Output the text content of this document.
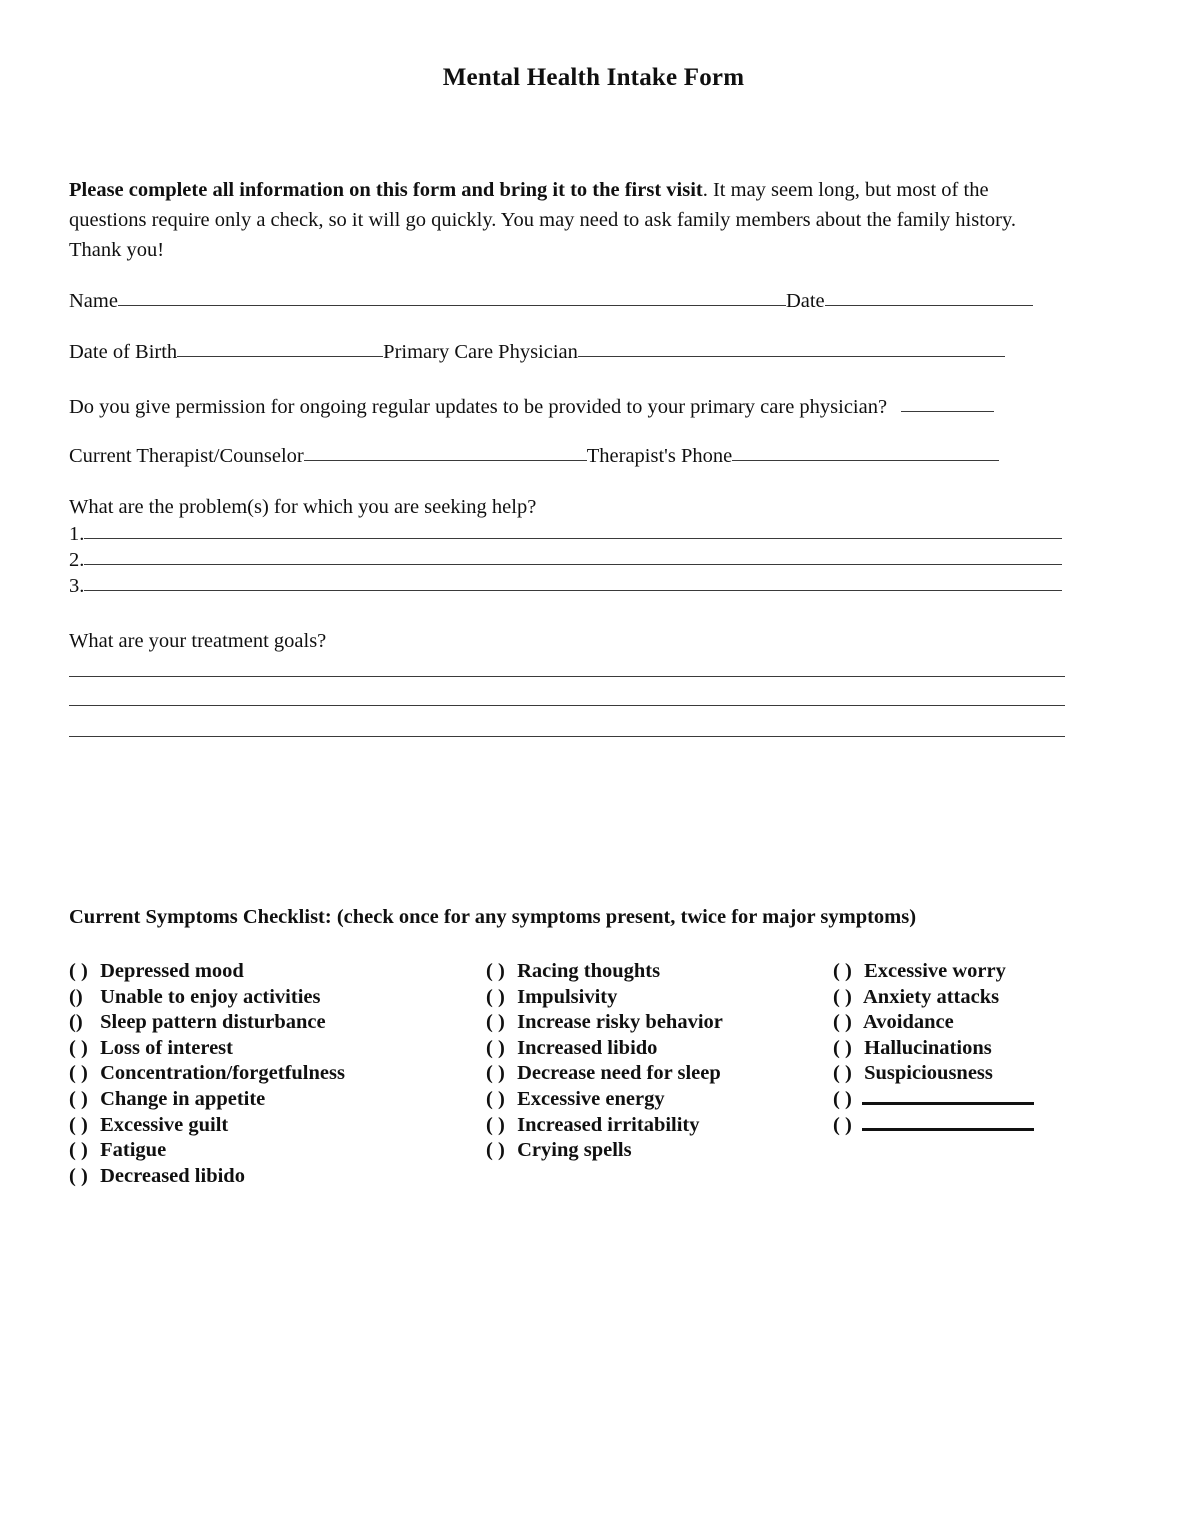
Mental Health Intake Form
Please complete all information on this form and bring it to the first visit. It may seem long, but most of the questions require only a check, so it will go quickly. You may need to ask family members about the family history. Thank you!
Name	Date
Date of Birth	Primary Care Physician
Do you give permission for ongoing regular updates to be provided to your primary care physician?
Current Therapist/Counselor	Therapist's Phone
What are the problem(s) for which you are seeking help?
1.
2.
3.
What are your treatment goals?
Current Symptoms Checklist: (check once for any symptoms present, twice for major symptoms)
( ) Depressed mood
() Unable to enjoy activities
() Sleep pattern disturbance
( ) Loss of interest
( ) Concentration/forgetfulness
( ) Change in appetite
( ) Excessive guilt
( ) Fatigue
( ) Decreased libido
( ) Racing thoughts
( ) Impulsivity
( ) Increase risky behavior
( ) Increased libido
( ) Decrease need for sleep
( ) Excessive energy
( ) Increased irritability
( ) Crying spells
( ) Excessive worry
( ) Anxiety attacks
( ) Avoidance
( ) Hallucinations
( ) Suspiciousness
( )
( )
